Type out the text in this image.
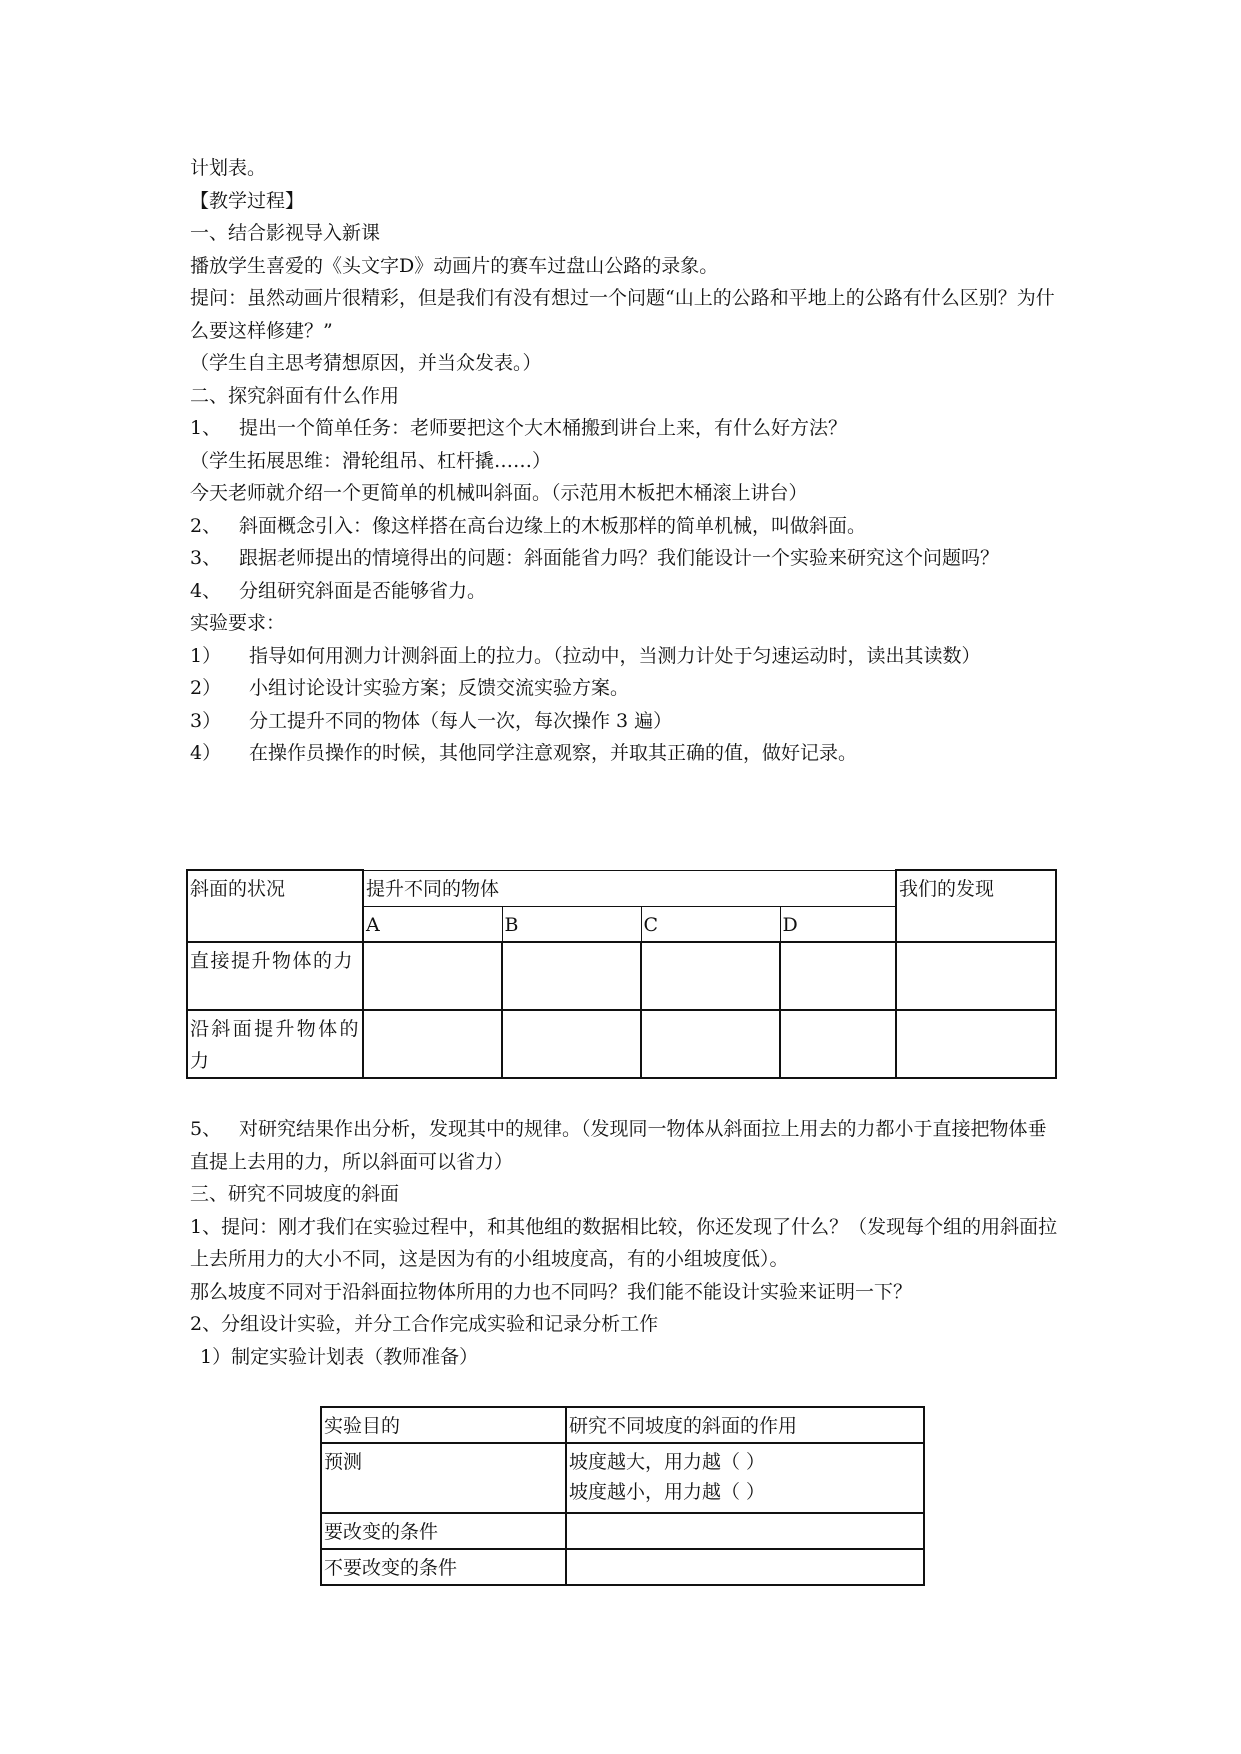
计划表。
【教学过程】
一、结合影视导入新课
播放学生喜爱的《头文字D》动画片的赛车过盘山公路的录象。
提问：虽然动画片很精彩，但是我们有没有想过一个问题“山上的公路和平地上的公路有什么区别？为什么要这样修建？”
（学生自主思考猜想原因，并当众发表。）
二、探究斜面有什么作用
1、 提出一个简单任务：老师要把这个大木桶搬到讲台上来，有什么好方法？
（学生拓展思维：滑轮组吊、杠杆撬……）
今天老师就介绍一个更简单的机械叫斜面。（示范用木板把木桶滚上讲台）
2、 斜面概念引入：像这样搭在高台边缘上的木板那样的简单机械，叫做斜面。
3、 跟据老师提出的情境得出的问题：斜面能省力吗？我们能设计一个实验来研究这个问题吗？
4、 分组研究斜面是否能够省力。
实验要求：
1） 指导如何用测力计测斜面上的拉力。（拉动中，当测力计处于匀速运动时，读出其读数）
2） 小组讨论设计实验方案；反馈交流实验方案。
3） 分工提升不同的物体（每人一次，每次操作 3 遍）
4） 在操作员操作的时候，其他同学注意观察，并取其正确的值，做好记录。
斜面的状况	提升不同的物体				我们的发现
	A	B	C	D	
直接提升物体的力					
沿斜面提升物体的力					
5、 对研究结果作出分析，发现其中的规律。（发现同一物体从斜面拉上用去的力都小于直接把物体垂直提上去用的力，所以斜面可以省力）
三、研究不同坡度的斜面
1、提问：刚才我们在实验过程中，和其他组的数据相比较，你还发现了什么？（发现每个组的用斜面拉上去所用力的大小不同，这是因为有的小组坡度高，有的小组坡度低）。
那么坡度不同对于沿斜面拉物体所用的力也不同吗？我们能不能设计实验来证明一下？
2、分组设计实验，并分工合作完成实验和记录分析工作
1）制定实验计划表（教师准备）
实验目的	研究不同坡度的斜面的作用
预测	坡度越大，用力越（ ）
坡度越小，用力越（ ）

要改变的条件	
不要改变的条件	
